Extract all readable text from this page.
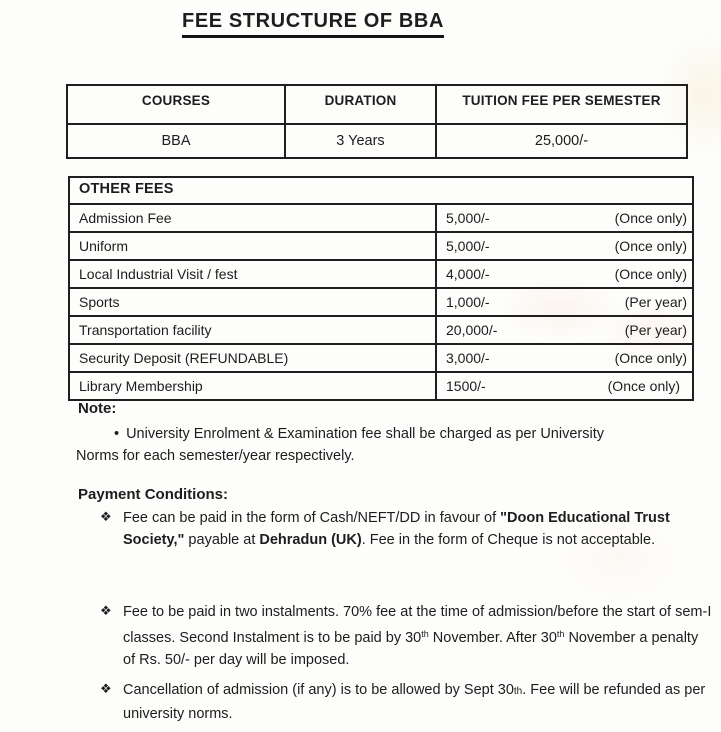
FEE STRUCTURE OF BBA
COURSES	DURATION	TUITION FEE PER SEMESTER
BBA	3 Years	25,000/-
OTHER FEES
Admission Fee	5,000/-	(Once only)
Uniform	5,000/-	(Once only)
Local Industrial Visit / fest	4,000/-	(Once only)
Sports	1,000/-	(Per year)
Transportation facility	20,000/-	(Per year)
Security Deposit (REFUNDABLE)	3,000/-	(Once only)
Library Membership	1500/-	(Once only)
Note:

• University Enrolment & Examination fee shall be charged as per University Norms for each semester/year respectively.

Payment Conditions:
❖ Fee can be paid in the form of Cash/NEFT/DD in favour of "Doon Educational Trust Society," payable at Dehradun (UK). Fee in the form of Cheque is not acceptable.
❖ Fee to be paid in two instalments. 70% fee at the time of admission/before the start of sem-I classes. Second Instalment is to be paid by 30th November. After 30th November a penalty of Rs. 50/- per day will be imposed.
❖ Cancellation of admission (if any) is to be allowed by Sept 30th. Fee will be refunded as per university norms.
